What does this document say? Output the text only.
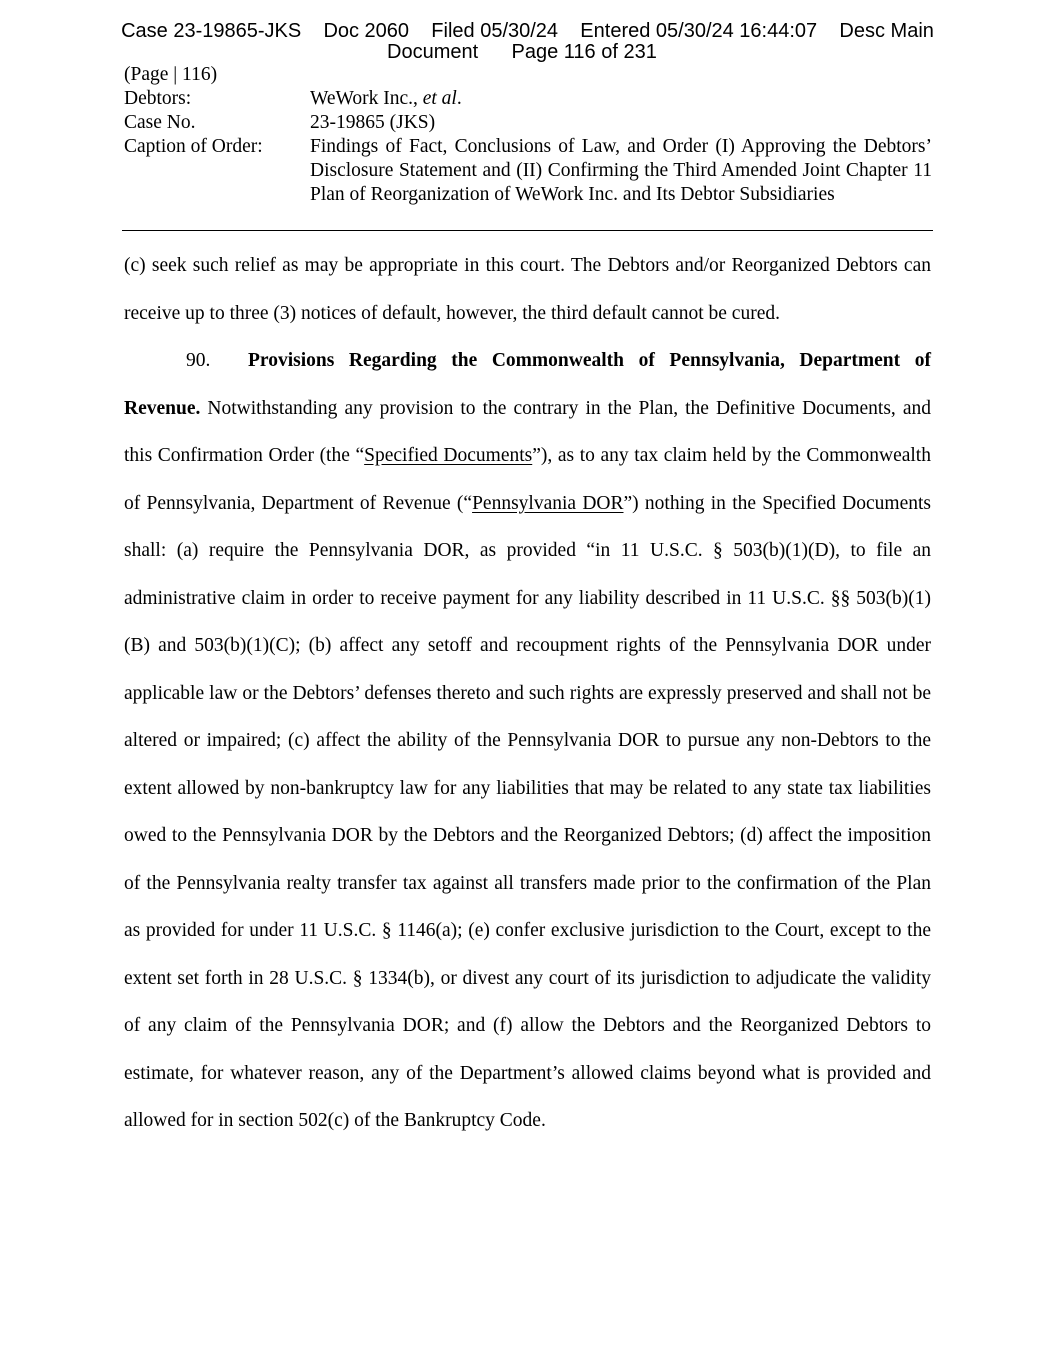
Case 23-19865-JKS Doc 2060 Filed 05/30/24 Entered 05/30/24 16:44:07 Desc Main
Document Page 116 of 231
(Page | 116)
Debtors:	WeWork Inc., et al.
Case No.	23-19865 (JKS)
Caption of Order:	Findings of Fact, Conclusions of Law, and Order (I) Approving the Debtors’ Disclosure Statement and (II) Confirming the Third Amended Joint Chapter 11 Plan of Reorganization of WeWork Inc. and Its Debtor Subsidiaries

(c) seek such relief as may be appropriate in this court. The Debtors and/or Reorganized Debtors can receive up to three (3) notices of default, however, the third default cannot be cured.

90. Provisions Regarding the Commonwealth of Pennsylvania, Department of Revenue. Notwithstanding any provision to the contrary in the Plan, the Definitive Documents, and this Confirmation Order (the “Specified Documents”), as to any tax claim held by the Commonwealth of Pennsylvania, Department of Revenue (“Pennsylvania DOR”) nothing in the Specified Documents shall: (a) require the Pennsylvania DOR, as provided “in 11 U.S.C. § 503(b)(1)(D), to file an administrative claim in order to receive payment for any liability described in 11 U.S.C. §§ 503(b)(1)(B) and 503(b)(1)(C); (b) affect any setoff and recoupment rights of the Pennsylvania DOR under applicable law or the Debtors’ defenses thereto and such rights are expressly preserved and shall not be altered or impaired; (c) affect the ability of the Pennsylvania DOR to pursue any non-Debtors to the extent allowed by non-bankruptcy law for any liabilities that may be related to any state tax liabilities owed to the Pennsylvania DOR by the Debtors and the Reorganized Debtors; (d) affect the imposition of the Pennsylvania realty transfer tax against all transfers made prior to the confirmation of the Plan as provided for under 11 U.S.C. § 1146(a); (e) confer exclusive jurisdiction to the Court, except to the extent set forth in 28 U.S.C. § 1334(b), or divest any court of its jurisdiction to adjudicate the validity of any claim of the Pennsylvania DOR; and (f) allow the Debtors and the Reorganized Debtors to estimate, for whatever reason, any of the Department’s allowed claims beyond what is provided and allowed for in section 502(c) of the Bankruptcy Code.
